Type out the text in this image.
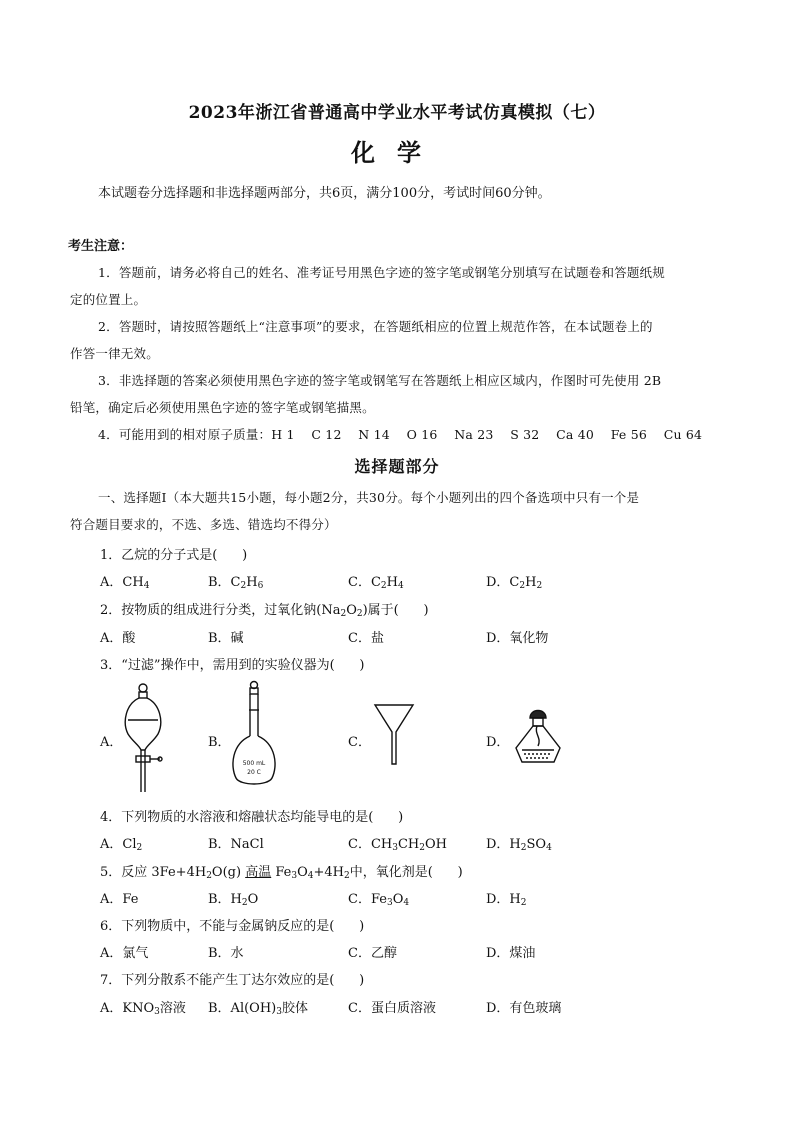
2023年浙江省普通高中学业水平考试仿真模拟（七）
化学
本试题卷分选择题和非选择题两部分，共6页，满分100分，考试时间60分钟。
考生注意：
1．答题前，请务必将自己的姓名、准考证号用黑色字迹的签字笔或钢笔分别填写在试题卷和答题纸规
定的位置上。
2．答题时，请按照答题纸上“注意事项”的要求，在答题纸相应的位置上规范作答，在本试题卷上的
作答一律无效。
3．非选择题的答案必须使用黑色字迹的签字笔或钢笔写在答题纸上相应区域内，作图时可先使用 2B
铅笔，确定后必须使用黑色字迹的签字笔或钢笔描黑。
4．可能用到的相对原子质量：H 1    C 12    N 14    O 16    Na 23    S 32    Ca 40    Fe 56    Cu 64
选择题部分
一、选择题Ⅰ（本大题共15小题，每小题2分，共30分。每个小题列出的四个备选项中只有一个是
符合题目要求的，不选、多选、错选均不得分）
1．乙烷的分子式是(      )
A．$CH_4$	B．$C_2H_6$	C．$C_2H_4$	D．$C_2H_2$
2．按物质的组成进行分类，过氧化钠$(Na_2O_2)$属于(      )
A．酸	B．碱	C．盐	D．氧化物
3．“过滤”操作中，需用到的实验仪器为(      )
A．	B．	C．	D．
500 mL
20 C
4．下列物质的水溶液和熔融状态均能导电的是(      )
A．$Cl_2$	B．NaCl	C．$CH_3CH_2OH$	D．$H_2SO_4$
5．反应 $3Fe+4H_2O(g)$ 高温 $Fe_3O_4+4H_2$中，氧化剂是(      )
A．Fe	B．$H_2O$	C．$Fe_3O_4$	D．$H_2$
6．下列物质中，不能与金属钠反应的是(      )
A．氯气	B．水	C．乙醇	D．煤油
7．下列分散系不能产生丁达尔效应的是(      )
A．$KNO_3$溶液 B．$Al(OH)_3$胶体	C．蛋白质溶液	D．有色玻璃
